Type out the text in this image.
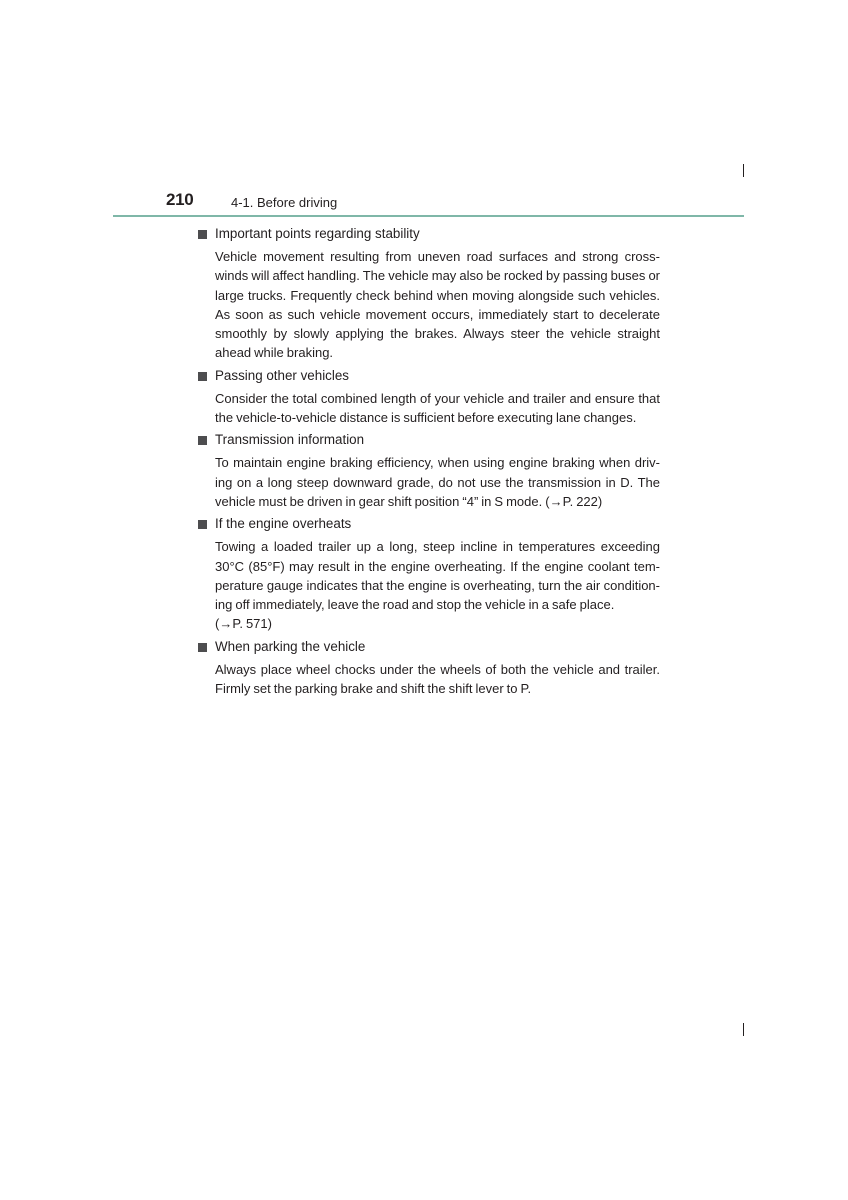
210	4-1. Before driving
Important points regarding stability

Vehicle movement resulting from uneven road surfaces and strong cross-
winds will affect handling. The vehicle may also be rocked by passing buses or
large trucks. Frequently check behind when moving alongside such vehicles.
As soon as such vehicle movement occurs, immediately start to decelerate
smoothly by slowly applying the brakes. Always steer the vehicle straight
ahead while braking.

Passing other vehicles

Consider the total combined length of your vehicle and trailer and ensure that
the vehicle-to-vehicle distance is sufficient before executing lane changes.

Transmission information

To maintain engine braking efficiency, when using engine braking when driv-
ing on a long steep downward grade, do not use the transmission in D. The
vehicle must be driven in gear shift position “4” in S mode. (→P. 222)

If the engine overheats

Towing a loaded trailer up a long, steep incline in temperatures exceeding
30°C (85°F) may result in the engine overheating. If the engine coolant tem-
perature gauge indicates that the engine is overheating, turn the air condition-
ing off immediately, leave the road and stop the vehicle in a safe place.
(→P. 571)

When parking the vehicle

Always place wheel chocks under the wheels of both the vehicle and trailer.
Firmly set the parking brake and shift the shift lever to P.
